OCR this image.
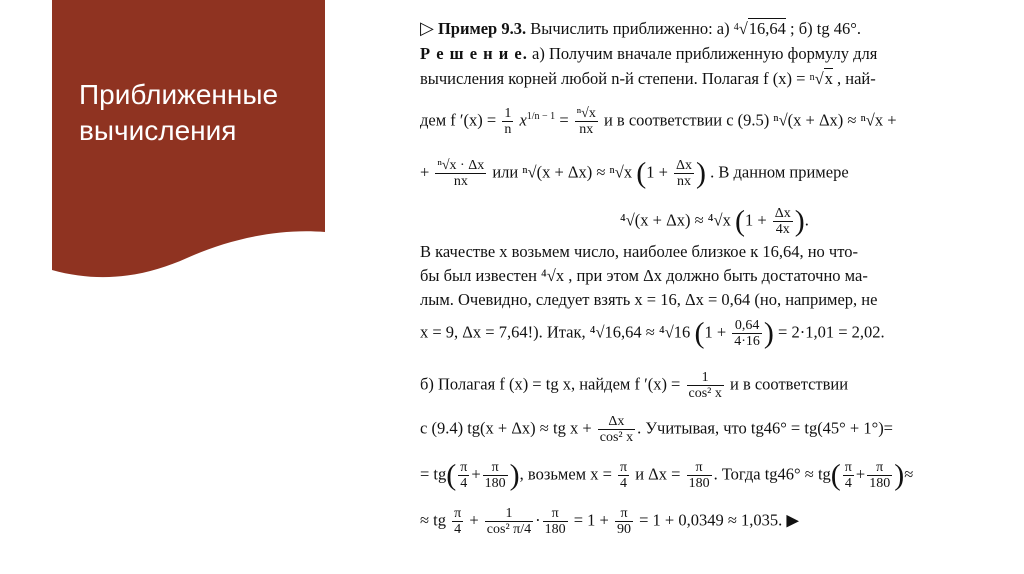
Приближенные вычисления
▷ Пример 9.3. Вычислить приближенно: а) $^4$√16,64 ; б) tg 46°.
Р е ш е н и е. а) Получим вначале приближенную формулу для
вычисления корней любой n-й степени. Полагая f (x) = $^n$√x , най-
дем f $'(x) = \frac{1}{n} x^{1/n - 1} = \frac{\text{ⁿ√x}}{nx}$ и в соответствии с (9.5) ⁿ√(x + Δx) ≈ ⁿ√x +
+ $\frac{\text{ⁿ√x · Δx}}{nx}$ или ⁿ√(x + Δx) ≈ ⁿ√x ($1 + \frac{\Delta x}{nx}$ ) . В данном примере
⁴√(x + Δx) ≈ ⁴√x ($1 + \frac{\Delta x}{4x}$ ).
В качестве x возьмем число, наиболее близкое к 16,64, но что-
бы был известен ⁴√x , при этом Δx должно быть достаточно ма-
лым. Очевидно, следует взять x = 16, Δx = 0,64 (но, например, не
x = 9, Δx = 7,64!). Итак, ⁴√16,64 ≈ ⁴√16 ($1 + \frac{0,64}{4\cdot 16}$ ) = 2·1,01 = 2,02.
б) Полагая f (x) = tg x, найдем f $'(x) = \frac{1}{\text{cos² x}}$ и в соответствии
с (9.4) tg(x + Δx) ≈ tg $x + \frac{\Delta x}{\text{cos² x}}$ . Учитывая, что tg46° = tg(45° + 1°)=
= $tg( \frac{\pi}{4} + \frac{\pi}{180}$ ), возьмем $x = \frac{\pi}{4}$ и $\Delta x = \frac{\pi}{180}$ . Тогда $tg46^\circ \approx tg( \frac{\pi}{4} + \frac{\pi}{180}$ )≈
≈ tg $\frac{\pi}{4} + \frac{1}{\text{cos² π/4}} \cdot \frac{\pi}{180} = 1 + \frac{\pi}{90} = 1 + 0,0349 \approx 1,035$. ▶
